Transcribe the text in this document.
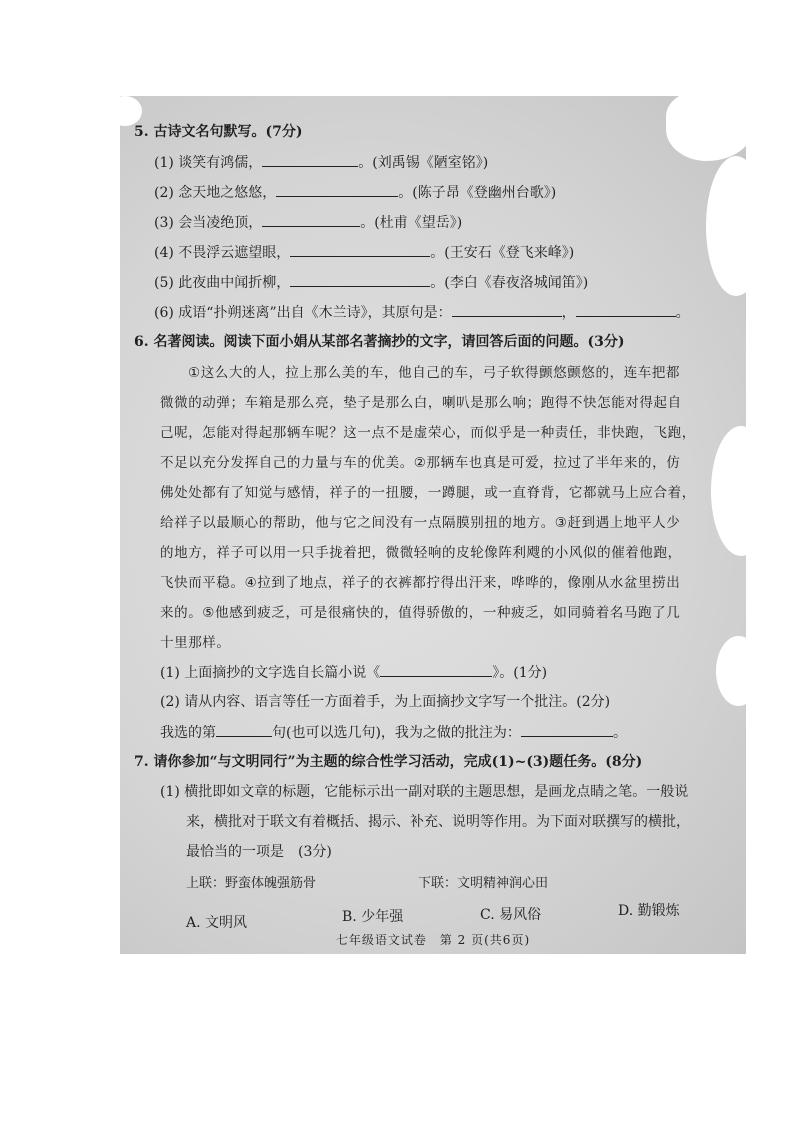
5. 古诗文名句默写。(7分)
(1) 谈笑有鸿儒，	。(刘禹锡《陋室铭》)
(2) 念天地之悠悠，	。(陈子昂《登幽州台歌》)
(3) 会当凌绝顶，	。(杜甫《望岳》)
(4) 不畏浮云遮望眼，	。(王安石《登飞来峰》)
(5) 此夜曲中闻折柳，	。(李白《春夜洛城闻笛》)
(6) 成语“扑朔迷离”出自《木兰诗》，其原句是：	，	。
6. 名著阅读。阅读下面小娟从某部名著摘抄的文字，请回答后面的问题。(3分)
①这么大的人，拉上那么美的车，他自己的车，弓子软得颤悠颤悠的，连车把都
微微的动弹；车箱是那么亮，垫子是那么白，喇叭是那么响；跑得不快怎能对得起自
己呢，怎能对得起那辆车呢？这一点不是虚荣心，而似乎是一种责任，非快跑，飞跑，
不足以充分发挥自己的力量与车的优美。②那辆车也真是可爱，拉过了半年来的，仿
佛处处都有了知觉与感情，祥子的一扭腰，一蹲腿，或一直脊背，它都就马上应合着，
给祥子以最顺心的帮助，他与它之间没有一点隔膜别扭的地方。③赶到遇上地平人少
的地方，祥子可以用一只手拢着把，微微轻响的皮轮像阵利飕的小风似的催着他跑，
飞快而平稳。④拉到了地点，祥子的衣裤都拧得出汗来，哗哗的，像刚从水盆里捞出
来的。⑤他感到疲乏，可是很痛快的，值得骄傲的，一种疲乏，如同骑着名马跑了几
十里那样。
(1) 上面摘抄的文字选自长篇小说《	》。(1分)
(2) 请从内容、语言等任一方面着手，为上面摘抄文字写一个批注。(2分)
我选的第	句(也可以选几句)，我为之做的批注为：	。
7. 请你参加“与文明同行”为主题的综合性学习活动，完成(1)~(3)题任务。(8分)
(1) 横批即如文章的标题，它能标示出一副对联的主题思想，是画龙点睛之笔。一般说
来，横批对于联文有着概括、揭示、补充、说明等作用。为下面对联撰写的横批，
最恰当的一项是　(3分)
上联：野蛮体魄强筋骨	下联：文明精神润心田
A. 文明风	B. 少年强	C. 易风俗	D. 勤锻炼
七年级语文试卷　第 2 页(共6页)
